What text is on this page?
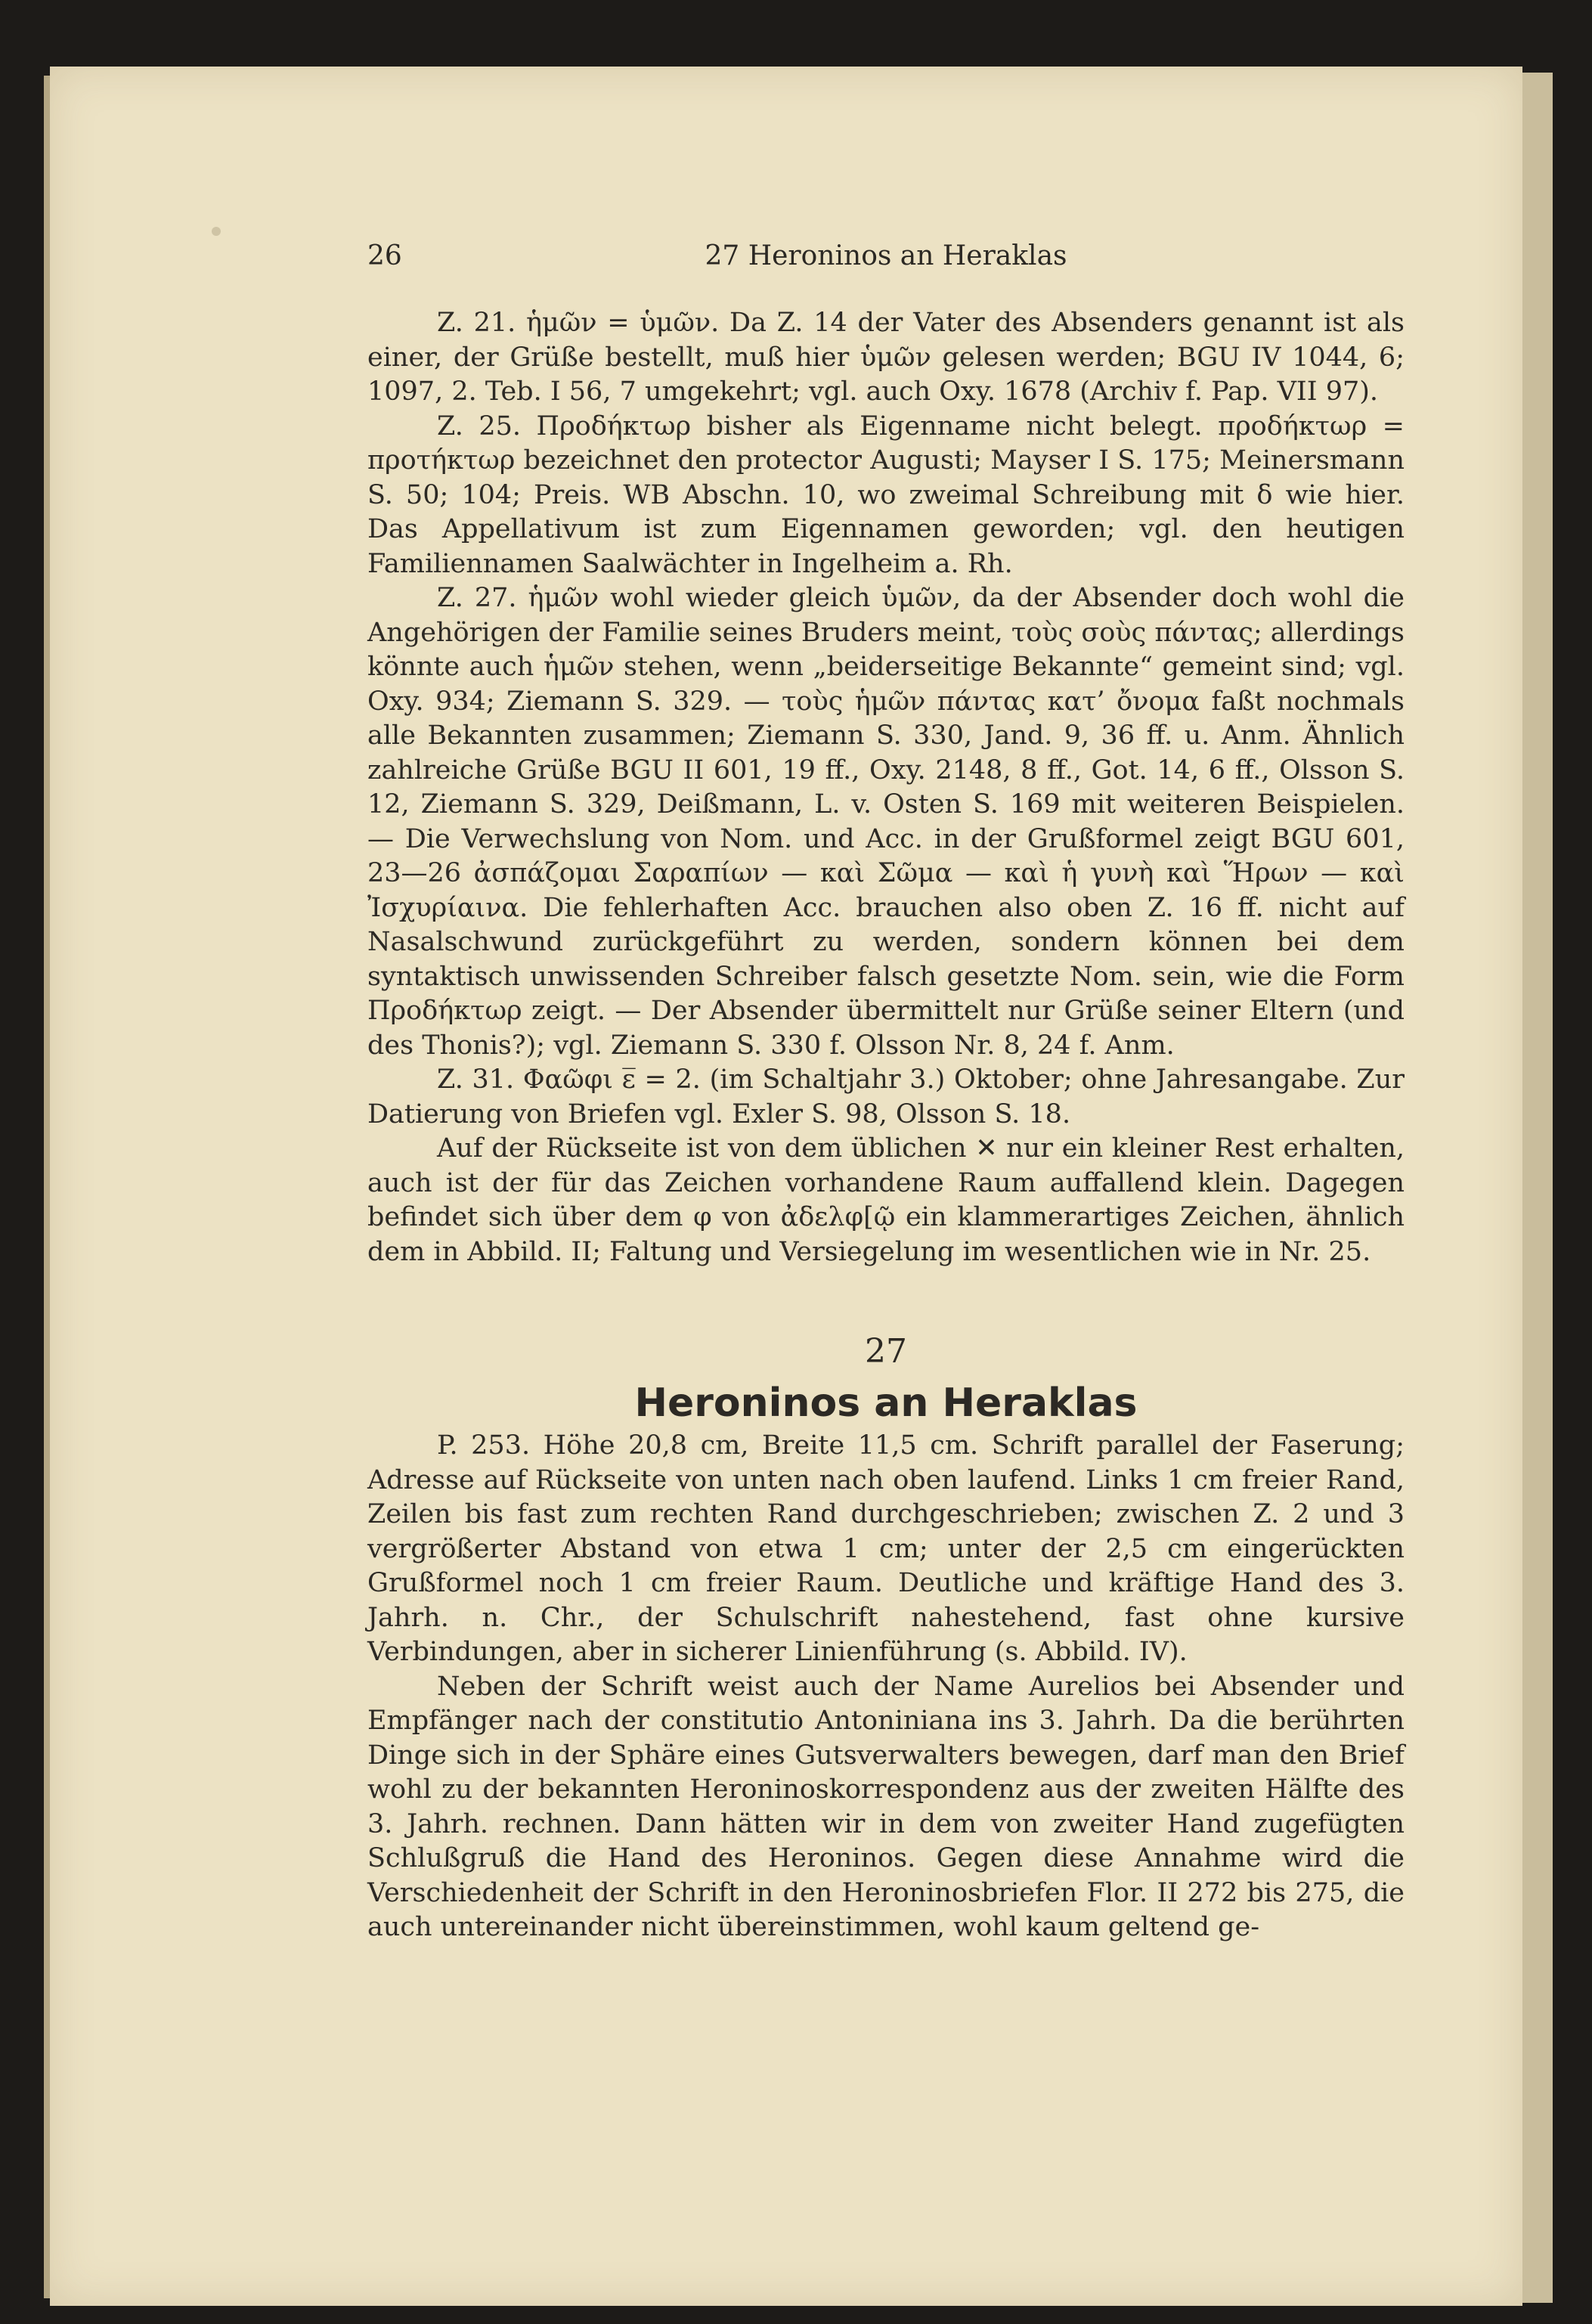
26	27 Heroninos an Heraklas

Z. 21. ἡμῶν = ὑμῶν. Da Z. 14 der Vater des Absenders genannt ist als einer, der Grüße bestellt, muß hier ὑμῶν gelesen werden; BGU IV 1044, 6; 1097, 2. Teb. I 56, 7 umgekehrt; vgl. auch Oxy. 1678 (Archiv f. Pap. VII 97).

Z. 25. Προδήκτωρ bisher als Eigenname nicht belegt. προδήκτωρ = προτήκτωρ bezeichnet den protector Augusti; Mayser I S. 175; Meinersmann S. 50; 104; Preis. WB Abschn. 10, wo zweimal Schreibung mit δ wie hier. Das Appellativum ist zum Eigennamen geworden; vgl. den heutigen Familiennamen Saalwächter in Ingelheim a. Rh.

Z. 27. ἡμῶν wohl wieder gleich ὑμῶν, da der Absender doch wohl die Angehörigen der Familie seines Bruders meint, τοὺς σοὺς πάντας; allerdings könnte auch ἡμῶν stehen, wenn „beiderseitige Bekannte“ gemeint sind; vgl. Oxy. 934; Ziemann S. 329. — τοὺς ἡμῶν πάντας κατ’ ὄνομα faßt nochmals alle Bekannten zusammen; Ziemann S. 330, Jand. 9, 36 ff. u. Anm. Ähnlich zahlreiche Grüße BGU II 601, 19 ff., Oxy. 2148, 8 ff., Got. 14, 6 ff., Olsson S. 12, Ziemann S. 329, Deißmann, L. v. Osten S. 169 mit weiteren Beispielen. — Die Verwechslung von Nom. und Acc. in der Grußformel zeigt BGU 601, 23—26 ἀσπάζομαι Σαραπίων — καὶ Σῶμα — καὶ ἡ γυνὴ καὶ Ἥρων — καὶ Ἰσχυρίαινα. Die fehlerhaften Acc. brauchen also oben Z. 16 ff. nicht auf Nasalschwund zurückgeführt zu werden, sondern können bei dem syntaktisch unwissenden Schreiber falsch gesetzte Nom. sein, wie die Form Προδήκτωρ zeigt. — Der Absender übermittelt nur Grüße seiner Eltern (und des Thonis?); vgl. Ziemann S. 330 f. Olsson Nr. 8, 24 f. Anm.

Z. 31. Φαῶφι ε̅ = 2. (im Schaltjahr 3.) Oktober; ohne Jahresangabe. Zur Datierung von Briefen vgl. Exler S. 98, Olsson S. 18.

Auf der Rückseite ist von dem üblichen ✕ nur ein kleiner Rest erhalten, auch ist der für das Zeichen vorhandene Raum auffallend klein. Dagegen befindet sich über dem φ von ἀδελφ[ῷ ein klammerartiges Zeichen, ähnlich dem in Abbild. II; Faltung und Versiegelung im wesentlichen wie in Nr. 25.

27
Heroninos an Heraklas

P. 253. Höhe 20,8 cm, Breite 11,5 cm. Schrift parallel der Faserung; Adresse auf Rückseite von unten nach oben laufend. Links 1 cm freier Rand, Zeilen bis fast zum rechten Rand durchgeschrieben; zwischen Z. 2 und 3 vergrößerter Abstand von etwa 1 cm; unter der 2,5 cm eingerückten Grußformel noch 1 cm freier Raum. Deutliche und kräftige Hand des 3. Jahrh. n. Chr., der Schulschrift nahestehend, fast ohne kursive Verbindungen, aber in sicherer Linienführung (s. Abbild. IV).

Neben der Schrift weist auch der Name Aurelios bei Absender und Empfänger nach der constitutio Antoniniana ins 3. Jahrh. Da die berührten Dinge sich in der Sphäre eines Gutsverwalters bewegen, darf man den Brief wohl zu der bekannten Heroninoskorrespondenz aus der zweiten Hälfte des 3. Jahrh. rechnen. Dann hätten wir in dem von zweiter Hand zugefügten Schlußgruß die Hand des Heroninos. Gegen diese Annahme wird die Verschiedenheit der Schrift in den Heroninosbriefen Flor. II 272 bis 275, die auch untereinander nicht übereinstimmen, wohl kaum geltend ge-
